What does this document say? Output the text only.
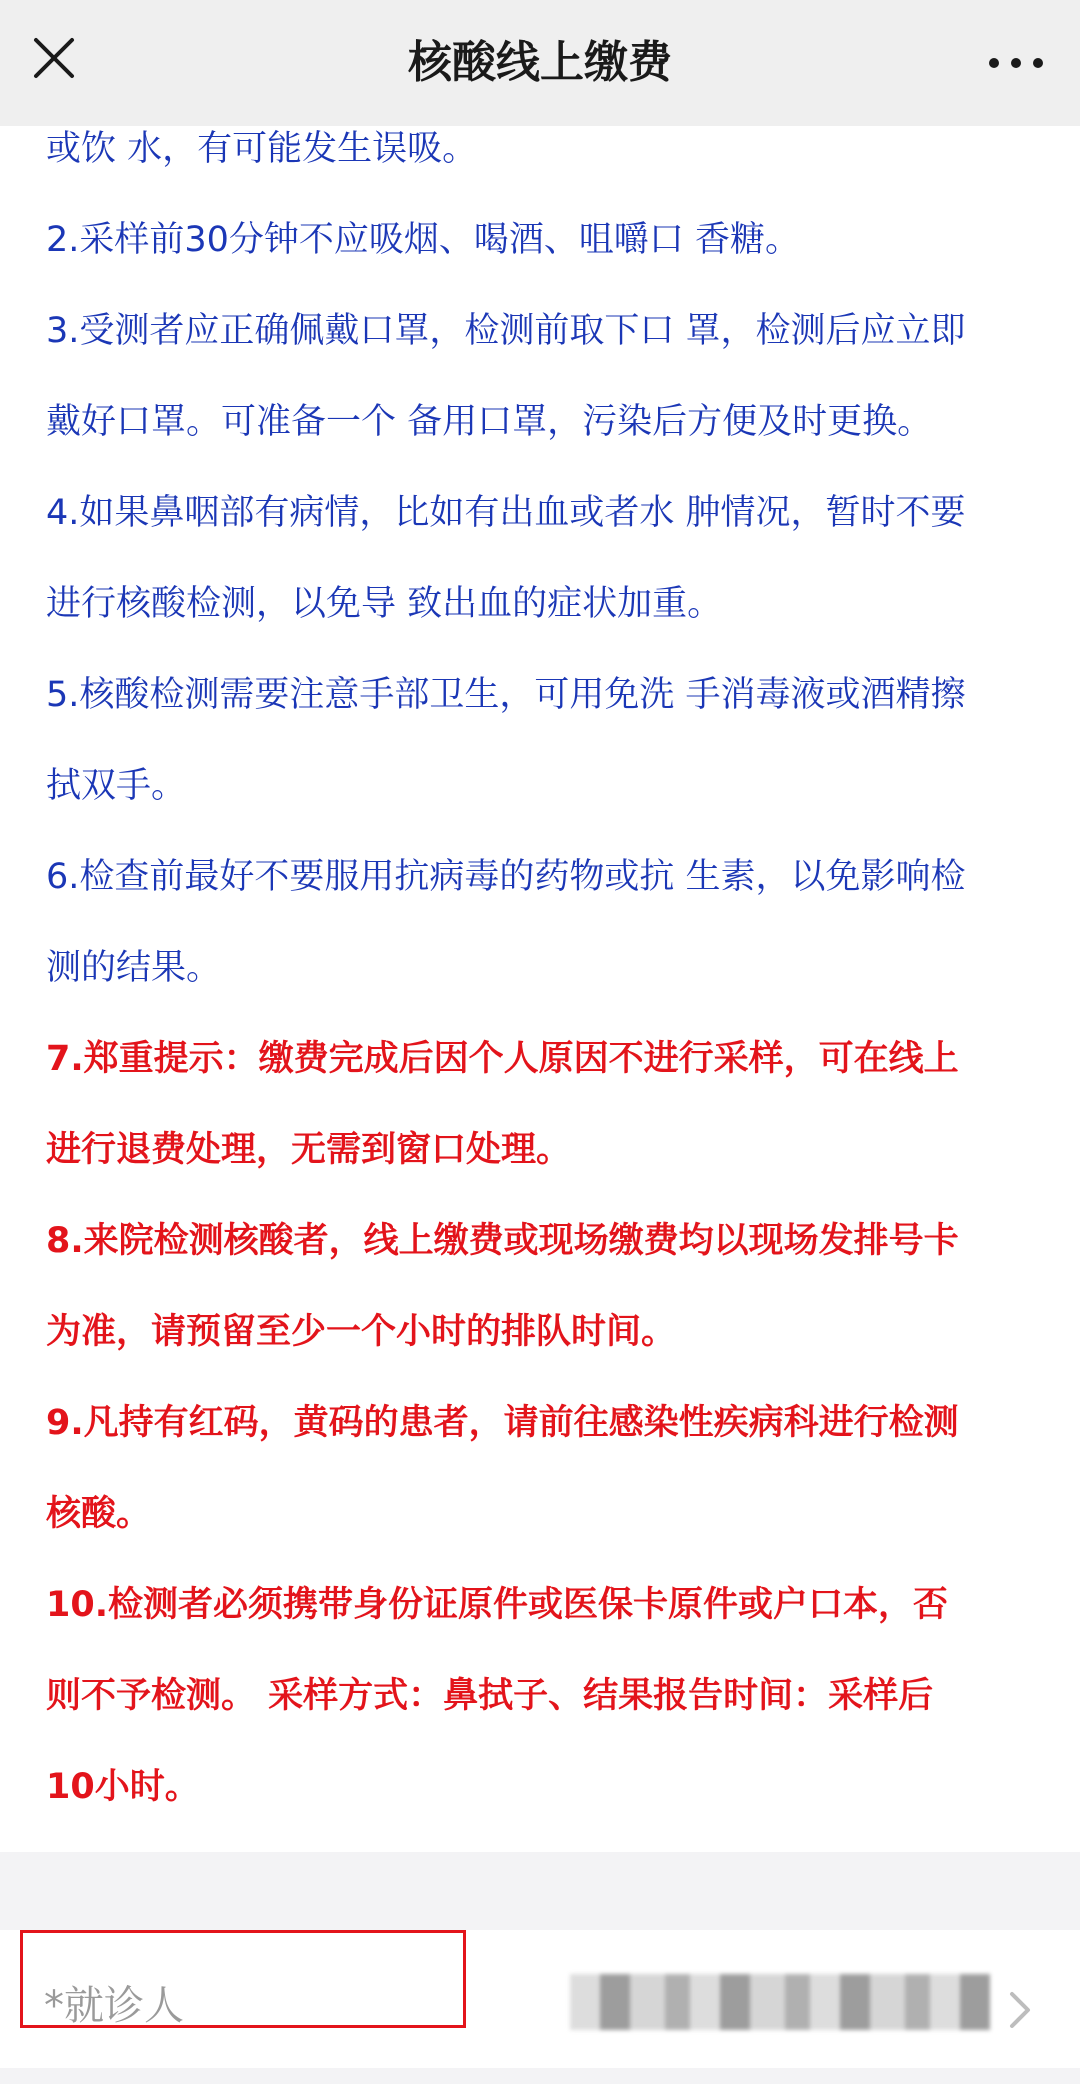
核酸线上缴费
或饮 水，有可能发生误吸。
2.采样前30分钟不应吸烟、喝酒、咀嚼口 香糖。
3.受测者应正确佩戴口罩，检测前取下口 罩，检测后应立即
戴好口罩。可准备一个 备用口罩，污染后方便及时更换。
4.如果鼻咽部有病情，比如有出血或者水 肿情况，暂时不要
进行核酸检测，以免导 致出血的症状加重。
5.核酸检测需要注意手部卫生，可用免洗 手消毒液或酒精擦
拭双手。
6.检查前最好不要服用抗病毒的药物或抗 生素，以免影响检
测的结果。
7.郑重提示：缴费完成后因个人原因不进行采样，可在线上
进行退费处理，无需到窗口处理。
8.来院检测核酸者，线上缴费或现场缴费均以现场发排号卡
为准，请预留至少一个小时的排队时间。
9.凡持有红码，黄码的患者，请前往感染性疾病科进行检测
核酸。
10.检测者必须携带身份证原件或医保卡原件或户口本，否
则不予检测。 采样方式：鼻拭子、结果报告时间：采样后
10小时。
*就诊人
